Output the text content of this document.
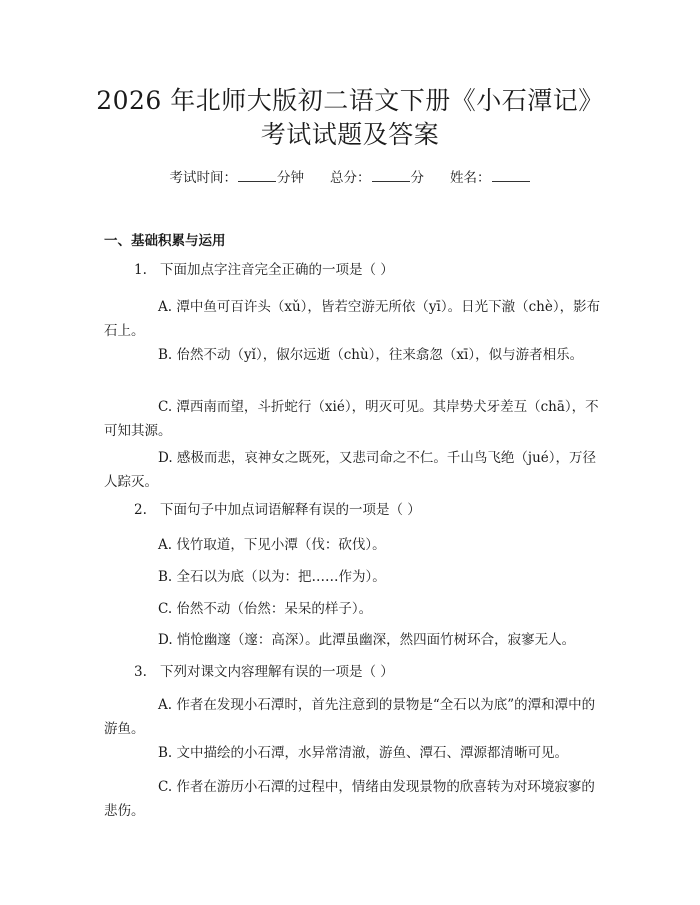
2026 年北师大版初二语文下册《小石潭记》
考试试题及答案
考试时间：	分钟 总分：	分 姓名：
一、基础积累与运用
1. 下面加点字注音完全正确的一项是（ ）
A. 潭中鱼可百许头（xǔ），皆若空游无所依（yī）。日光下澈（chè），影布石上。
B. 佁然不动（yǐ），俶尔远逝（chù），往来翕忽（xī），似与游者相乐。
C. 潭西南而望，斗折蛇行（xié），明灭可见。其岸势犬牙差互（chā），不可知其源。
D. 感极而悲，哀神女之既死，又悲司命之不仁。千山鸟飞绝（jué），万径人踪灭。
2. 下面句子中加点词语解释有误的一项是（ ）
A. 伐竹取道，下见小潭（伐：砍伐）。
B. 全石以为底（以为：把……作为）。
C. 佁然不动（佁然：呆呆的样子）。
D. 悄怆幽邃（邃：高深）。此潭虽幽深，然四面竹树环合，寂寥无人。
3. 下列对课文内容理解有误的一项是（ ）
A. 作者在发现小石潭时，首先注意到的景物是“全石以为底”的潭和潭中的游鱼。
B. 文中描绘的小石潭，水异常清澈，游鱼、潭石、潭源都清晰可见。
C. 作者在游历小石潭的过程中，情绪由发现景物的欣喜转为对环境寂寥的悲伤。
